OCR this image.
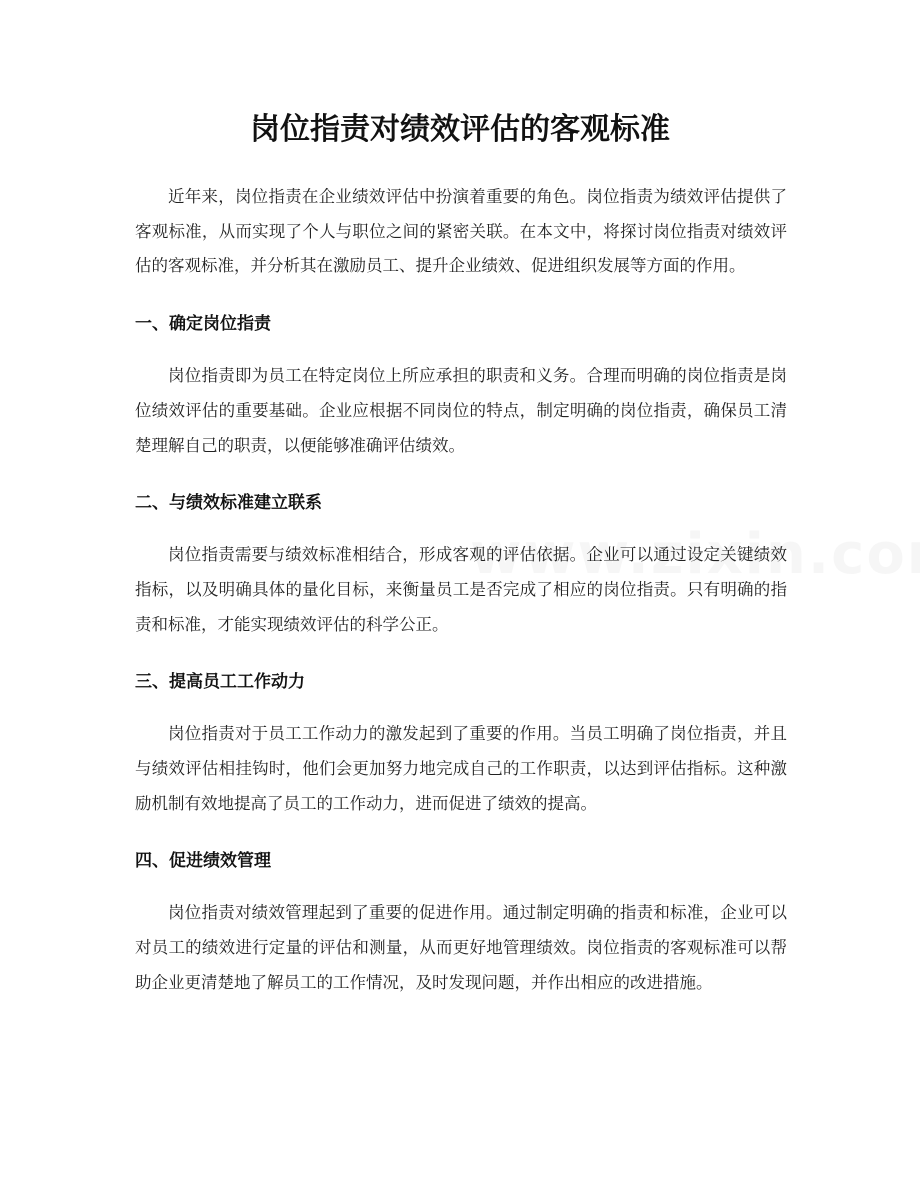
岗位指责对绩效评估的客观标准

近年来，岗位指责在企业绩效评估中扮演着重要的角色。岗位指责为绩效评估提供了客观标准，从而实现了个人与职位之间的紧密关联。在本文中，将探讨岗位指责对绩效评估的客观标准，并分析其在激励员工、提升企业绩效、促进组织发展等方面的作用。

一、确定岗位指责

岗位指责即为员工在特定岗位上所应承担的职责和义务。合理而明确的岗位指责是岗位绩效评估的重要基础。企业应根据不同岗位的特点，制定明确的岗位指责，确保员工清楚理解自己的职责，以便能够准确评估绩效。

二、与绩效标准建立联系

岗位指责需要与绩效标准相结合，形成客观的评估依据。企业可以通过设定关键绩效指标，以及明确具体的量化目标，来衡量员工是否完成了相应的岗位指责。只有明确的指责和标准，才能实现绩效评估的科学公正。

三、提高员工工作动力

岗位指责对于员工工作动力的激发起到了重要的作用。当员工明确了岗位指责，并且与绩效评估相挂钩时，他们会更加努力地完成自己的工作职责，以达到评估指标。这种激励机制有效地提高了员工的工作动力，进而促进了绩效的提高。

四、促进绩效管理

岗位指责对绩效管理起到了重要的促进作用。通过制定明确的指责和标准，企业可以对员工的绩效进行定量的评估和测量，从而更好地管理绩效。岗位指责的客观标准可以帮助企业更清楚地了解员工的工作情况，及时发现问题，并作出相应的改进措施。
